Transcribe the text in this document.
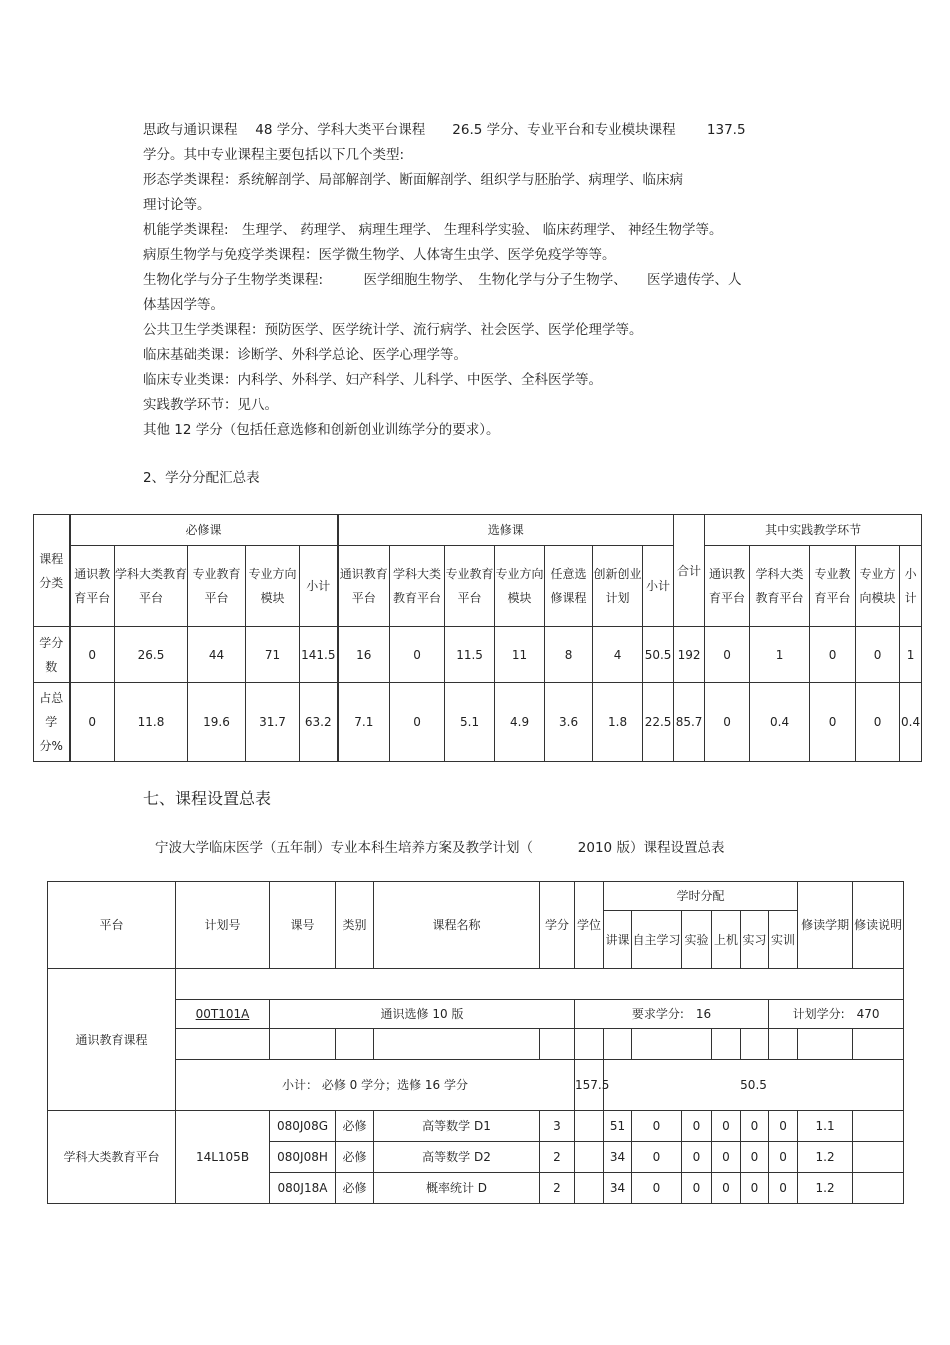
思政与通识课程　 48 学分、学科大类平台课程　　26.5 学分、专业平台和专业模块课程　　 137.5
学分。其中专业课程主要包括以下几个类型:
形态学类课程：系统解剖学、局部解剖学、断面解剖学、组织学与胚胎学、病理学、临床病
理讨论等。
机能学类课程:　生理学、 药理学、 病理生理学、 生理科学实验、 临床药理学、 神经生物学等。
病原生物学与免疫学类课程：医学微生物学、人体寄生虫学、医学免疫学等等。
生物化学与分子生物学类课程:　　　医学细胞生物学、　生物化学与分子生物学、　　医学遗传学、人
体基因学等。
公共卫生学类课程：预防医学、医学统计学、流行病学、社会医学、医学伦理学等。
临床基础类课：诊断学、外科学总论、医学心理学等。
临床专业类课：内科学、外科学、妇产科学、儿科学、中医学、全科医学等。
实践教学环节：见八。
其他 12 学分（包括任意选修和创新创业训练学分的要求）。
2、学分分配汇总表
课程分类	必修课					选修课							合计	其中实践教学环节				
	通识教育平台	学科大类教育平台	专业教育平台	专业方向模块	小计	通识教育平台	学科大类教育平台	专业教育平台	专业方向模块	任意选修课程	创新创业计划	小计		通识教育平台	学科大类教育平台	专业教育平台	专业方向模块	小计
学分数	0	26.5	44	71	141.5	16	0	11.5	11	8	4	50.5	192	0	1	0	0	1
占总学分%	0	11.8	19.6	31.7	63.2	7.1	0	5.1	4.9	3.6	1.8	22.5	85.7	0	0.4	0	0	0.4
七、课程设置总表
宁波大学临床医学（五年制）专业本科生培养方案及教学计划（　　　 2010 版）课程设置总表
平台	计划号	课号	类别	课程名称	学分	学位	学时分配						修读学期	修读说明
							讲课	自主学习	实验	上机	实习	实训		
通识教育课程														
	00T101A	通识选修 10 版				要求学分:　16						计划学分:　470		

	小计： 必修 0 学分；选修 16 学分					157.5	50.5							
学科大类教育平台	14L105B	080J08G	必修	高等数学 D1	3		51	0	0	0	0	0	1.1	
		080J08H	必修	高等数学 D2	2		34	0	0	0	0	0	1.2	
		080J18A	必修	概率统计 D	2		34	0	0	0	0	0	1.2	
